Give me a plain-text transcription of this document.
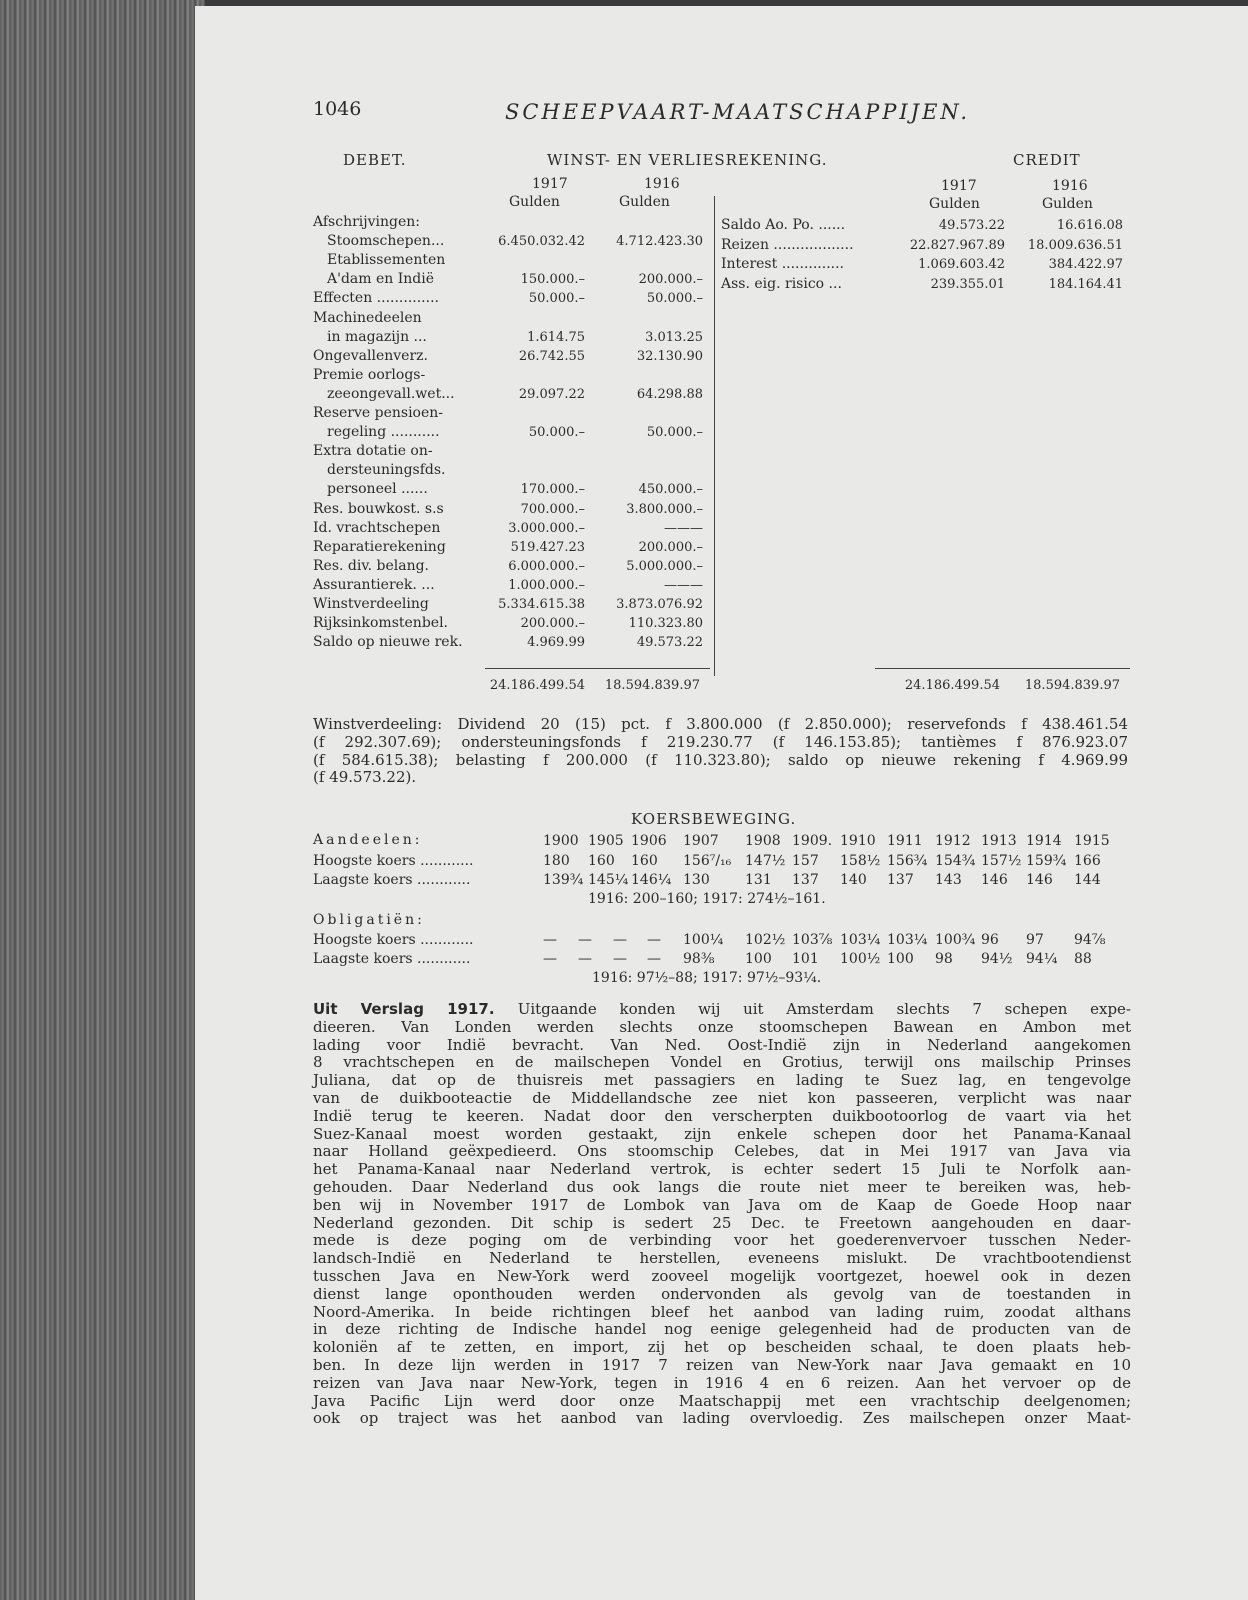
1046	SCHEEPVAART-MAATSCHAPPIJEN.
DEBET.	WINST- EN VERLIESREKENING.	CREDIT
1917	1916
Gulden	Gulden
1917	1916
Gulden	Gulden
Afschrijvingen:
Stoomschepen...	6.450.032.42	4.712.423.30
Etablissementen
A'dam en Indië	150.000.–	200.000.–
Effecten ..............	50.000.–	50.000.–
Machinedeelen
in magazijn ...	1.614.75	3.013.25
Ongevallenverz.	26.742.55	32.130.90
Premie oorlogs-
zeeongevall.wet...	29.097.22	64.298.88
Reserve pensioen-
regeling ...........	50.000.–	50.000.–
Extra dotatie on-
dersteuningsfds.
personeel ......	170.000.–	450.000.–
Res. bouwkost. s.s	700.000.–	3.800.000.–
Id. vrachtschepen	3.000.000.–	———
Reparatierekening	519.427.23	200.000.–
Res. div. belang.	6.000.000.–	5.000.000.–
Assurantierek. ...	1.000.000.–	———
Winstverdeeling	5.334.615.38	3.873.076.92
Rijksinkomstenbel.	200.000.–	110.323.80
Saldo op nieuwe rek.	4.969.99	49.573.22
Saldo Ao. Po. ......	49.573.22	16.616.08
Reizen ..................	22.827.967.89	18.009.636.51
Interest ..............	1.069.603.42	384.422.97
Ass. eig. risico ...	239.355.01	184.164.41
24.186.499.54	18.594.839.97	24.186.499.54	18.594.839.97
Winstverdeeling: Dividend 20 (15) pct. f 3.800.000 (f 2.850.000); reservefonds f 438.461.54
(f 292.307.69); ondersteuningsfonds f 219.230.77 (f 146.153.85); tantièmes f 876.923.07
(f 584.615.38); belasting f 200.000 (f 110.323.80); saldo op nieuwe rekening f 4.969.99
(f 49.573.22).
KOERSBEWEGING.
Aandeelen:	1900 1905 1906 1907 1908 1909. 1910 1911 1912 1913 1914 1915
Hoogste koers ............	180 160 160 156⁷/₁₆ 147½ 157 158½ 156¾ 154¾ 157½ 159¾ 166
Laagste koers ............	139¾ 145¼ 146¼ 130	131 137 140 137 143 146 146 144
1916: 200–160; 1917: 274½–161.
Obligatiën:
Hoogste koers ............	— — — — 100¼ 102½ 103⅞ 103¼ 103¼ 100¾ 96 97 94⅞
Laagste koers ............	— — — — 98⅜ 100 101 100½ 100 98 94½ 94¼ 88
1916: 97½–88; 1917: 97½–93¼.
Uit Verslag 1917. Uitgaande konden wij uit Amsterdam slechts 7 schepen expe-
dieeren. Van Londen werden slechts onze stoomschepen Bawean en Ambon met
lading voor Indië bevracht. Van Ned. Oost-Indië zijn in Nederland aangekomen
8 vrachtschepen en de mailschepen Vondel en Grotius, terwijl ons mailschip Prinses
Juliana, dat op de thuisreis met passagiers en lading te Suez lag, en tengevolge
van de duikbooteactie de Middellandsche zee niet kon passeeren, verplicht was naar
Indië terug te keeren. Nadat door den verscherpten duikbootoorlog de vaart via het
Suez-Kanaal moest worden gestaakt, zijn enkele schepen door het Panama-Kanaal
naar Holland geëxpedieerd. Ons stoomschip Celebes, dat in Mei 1917 van Java via
het Panama-Kanaal naar Nederland vertrok, is echter sedert 15 Juli te Norfolk aan-
gehouden. Daar Nederland dus ook langs die route niet meer te bereiken was, heb-
ben wij in November 1917 de Lombok van Java om de Kaap de Goede Hoop naar
Nederland gezonden. Dit schip is sedert 25 Dec. te Freetown aangehouden en daar-
mede is deze poging om de verbinding voor het goederenvervoer tusschen Neder-
landsch-Indië en Nederland te herstellen, eveneens mislukt. De vrachtbootendienst
tusschen Java en New-York werd zooveel mogelijk voortgezet, hoewel ook in dezen
dienst lange oponthouden werden ondervonden als gevolg van de toestanden in
Noord-Amerika. In beide richtingen bleef het aanbod van lading ruim, zoodat althans
in deze richting de Indische handel nog eenige gelegenheid had de producten van de
koloniën af te zetten, en import, zij het op bescheiden schaal, te doen plaats heb-
ben. In deze lijn werden in 1917 7 reizen van New-York naar Java gemaakt en 10
reizen van Java naar New-York, tegen in 1916 4 en 6 reizen. Aan het vervoer op de
Java Pacific Lijn werd door onze Maatschappij met een vrachtschip deelgenomen;
ook op traject was het aanbod van lading overvloedig. Zes mailschepen onzer Maat-
